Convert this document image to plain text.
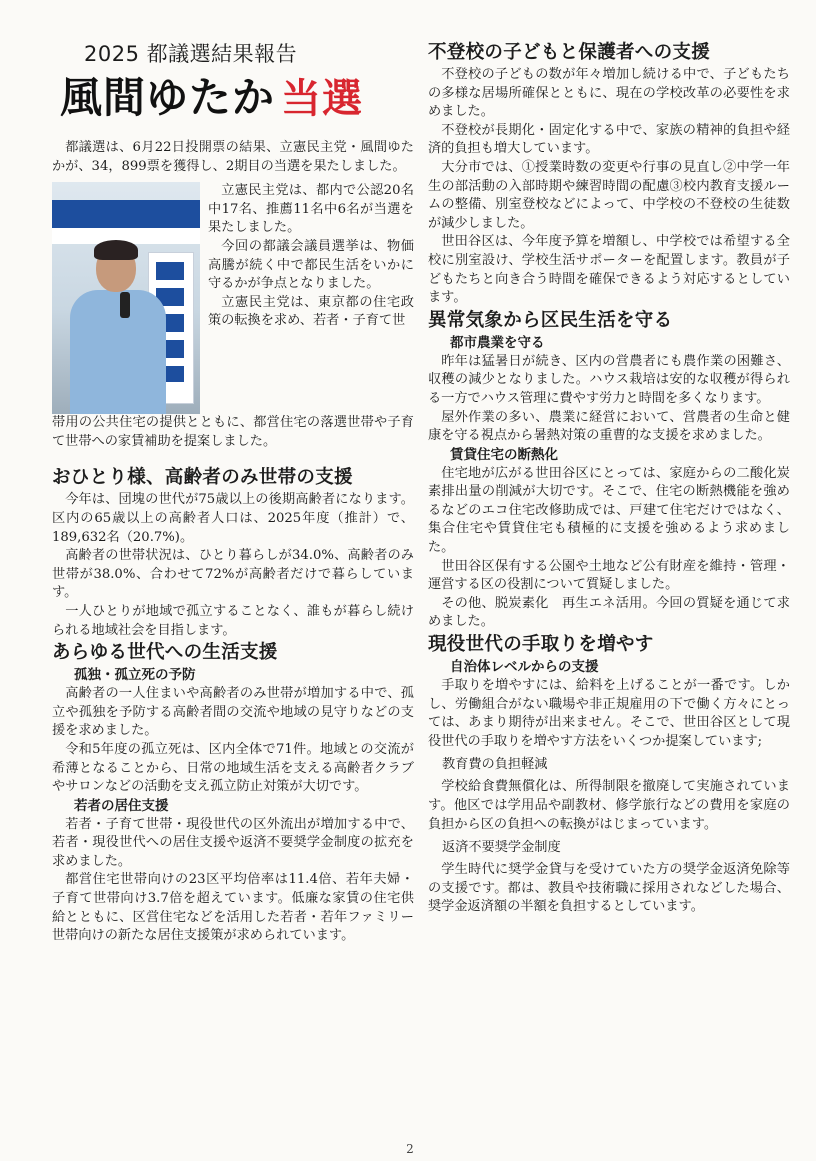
2025 都議選結果報告
風間ゆたか 当選

都議選は、6月22日投開票の結果、立憲民主党・風間ゆたかが、34，899票を獲得し、2期目の当選を果たしました。

立憲民主党は、都内で公認20名中17名、推薦11名中6名が当選を果たしました。

今回の都議会議員選挙は、物価高騰が続く中で都民生活をいかに守るかが争点となりました。

立憲民主党は、東京都の住宅政策の転換を求め、若者・子育て世

帯用の公共住宅の提供とともに、都営住宅の落選世帯や子育て世帯への家賃補助を提案しました。

おひとり様、高齢者のみ世帯の支援

今年は、団塊の世代が75歳以上の後期高齢者になります。区内の65歳以上の高齢者人口は、2025年度（推計）で、189,632名（20.7%)。

高齢者の世帯状況は、ひとり暮らしが34.0%、高齢者のみ世帯が38.0%、合わせて72%が高齢者だけで暮らしています。

一人ひとりが地域で孤立することなく、誰もが暮らし続けられる地域社会を目指します。

あらゆる世代への生活支援
孤独・孤立死の予防

高齢者の一人住まいや高齢者のみ世帯が増加する中で、孤立や孤独を予防する高齢者間の交流や地域の見守りなどの支援を求めました。

令和5年度の孤立死は、区内全体で71件。地域との交流が希薄となることから、日常の地域生活を支える高齢者クラブやサロンなどの活動を支え孤立防止対策が大切です。

若者の居住支援

若者・子育て世帯・現役世代の区外流出が増加する中で、若者・現役世代への居住支援や返済不要奨学金制度の拡充を求めました。

都営住宅世帯向けの23区平均倍率は11.4倍、若年夫婦・子育て世帯向け3.7倍を超えています。低廉な家賃の住宅供給とともに、区営住宅などを活用した若者・若年ファミリー世帯向けの新たな居住支援策が求められています。

不登校の子どもと保護者への支援

不登校の子どもの数が年々増加し続ける中で、子どもたちの多様な居場所確保とともに、現在の学校改革の必要性を求めました。

不登校が長期化・固定化する中で、家族の精神的負担や経済的負担も増大しています。

大分市では、①授業時数の変更や行事の見直し②中学一年生の部活動の入部時期や練習時間の配慮③校内教育支援ルームの整備、別室登校などによって、中学校の不登校の生徒数が減少しました。

世田谷区は、今年度予算を増額し、中学校では希望する全校に別室設け、学校生活サポーターを配置します。教員が子どもたちと向き合う時間を確保できるよう対応するとしています。

異常気象から区民生活を守る
都市農業を守る

昨年は猛暑日が続き、区内の営農者にも農作業の困難さ、収穫の減少となりました。ハウス栽培は安的な収穫が得られる一方でハウス管理に費やす労力と時間を多くなります。

屋外作業の多い、農業に経営において、営農者の生命と健康を守る視点から暑熱対策の重曹的な支援を求めました。

賃貸住宅の断熱化

住宅地が広がる世田谷区にとっては、家庭からの二酸化炭素排出量の削減が大切です。そこで、住宅の断熱機能を強めるなどのエコ住宅改修助成では、戸建て住宅だけではなく、集合住宅や賃貸住宅も積極的に支援を強めるよう求めました。

世田谷区保有する公園や土地など公有財産を維持・管理・運営する区の役割について質疑しました。

その他、脱炭素化　再生エネ活用。今回の質疑を通じて求めました。

現役世代の手取りを増やす
自治体レベルからの支援

手取りを増やすには、給料を上げることが一番です。しかし、労働組合がない職場や非正規雇用の下で働く方々にとっては、あまり期待が出来ません。そこで、世田谷区として現役世代の手取りを増やす方法をいくつか提案しています;

教育費の負担軽減

学校給食費無償化は、所得制限を撤廃して実施されています。他区では学用品や副教材、修学旅行などの費用を家庭の負担から区の負担への転換がはじまっています。

返済不要奨学金制度

学生時代に奨学金貸与を受けていた方の奨学金返済免除等の支援です。都は、教員や技術職に採用されなどした場合、奨学金返済額の半額を負担するとしています。

2
